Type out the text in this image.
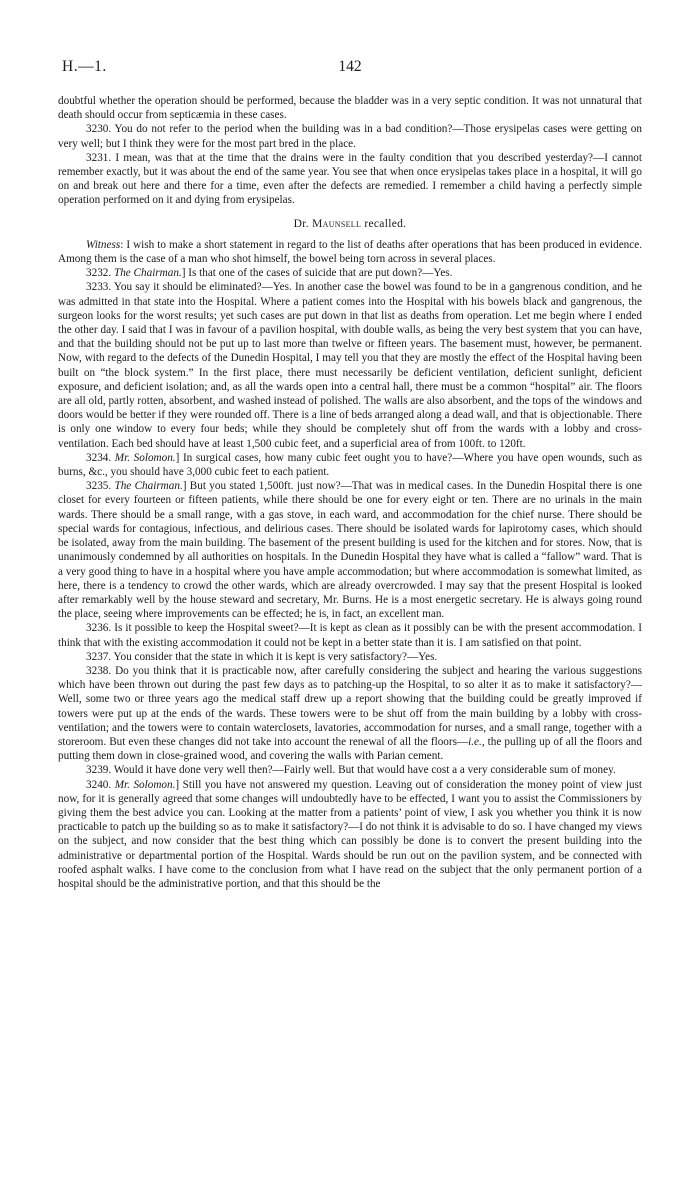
H.—1.	142

doubtful whether the operation should be performed, because the bladder was in a very septic condition. It was not unnatural that death should occur from septicæmia in these cases.

3230. You do not refer to the period when the building was in a bad condition?—Those erysipelas cases were getting on very well; but I think they were for the most part bred in the place.

3231. I mean, was that at the time that the drains were in the faulty condition that you described yesterday?—I cannot remember exactly, but it was about the end of the same year. You see that when once erysipelas takes place in a hospital, it will go on and break out here and there for a time, even after the defects are remedied. I remember a child having a perfectly simple operation performed on it and dying from erysipelas.

Dr. Maunsell recalled.

Witness: I wish to make a short statement in regard to the list of deaths after operations that has been produced in evidence. Among them is the case of a man who shot himself, the bowel being torn across in several places.

3232. The Chairman.] Is that one of the cases of suicide that are put down?—Yes.

3233. You say it should be eliminated?—Yes. In another case the bowel was found to be in a gangrenous condition, and he was admitted in that state into the Hospital. Where a patient comes into the Hospital with his bowels black and gangrenous, the surgeon looks for the worst results; yet such cases are put down in that list as deaths from operation. Let me begin where I ended the other day. I said that I was in favour of a pavilion hospital, with double walls, as being the very best system that you can have, and that the building should not be put up to last more than twelve or fifteen years. The basement must, however, be permanent. Now, with regard to the defects of the Dunedin Hospital, I may tell you that they are mostly the effect of the Hospital having been built on “the block system.” In the first place, there must necessarily be deficient ventilation, deficient sunlight, deficient exposure, and deficient isolation; and, as all the wards open into a central hall, there must be a common “hospital” air. The floors are all old, partly rotten, absorbent, and washed instead of polished. The walls are also absorbent, and the tops of the windows and doors would be better if they were rounded off. There is a line of beds arranged along a dead wall, and that is objectionable. There is only one window to every four beds; while they should be completely shut off from the wards with a lobby and cross-ventilation. Each bed should have at least 1,500 cubic feet, and a superficial area of from 100ft. to 120ft.

3234. Mr. Solomon.] In surgical cases, how many cubic feet ought you to have?—Where you have open wounds, such as burns, &c., you should have 3,000 cubic feet to each patient.

3235. The Chairman.] But you stated 1,500ft. just now?—That was in medical cases. In the Dunedin Hospital there is one closet for every fourteen or fifteen patients, while there should be one for every eight or ten. There are no urinals in the main wards. There should be a small range, with a gas stove, in each ward, and accommodation for the chief nurse. There should be special wards for contagious, infectious, and delirious cases. There should be isolated wards for lapirotomy cases, which should be isolated, away from the main building. The basement of the present building is used for the kitchen and for stores. Now, that is unanimously condemned by all authorities on hospitals. In the Dunedin Hospital they have what is called a “fallow” ward. That is a very good thing to have in a hospital where you have ample accommodation; but where accommodation is somewhat limited, as here, there is a tendency to crowd the other wards, which are already overcrowded. I may say that the present Hospital is looked after remarkably well by the house steward and secretary, Mr. Burns. He is a most energetic secretary. He is always going round the place, seeing where improvements can be effected; he is, in fact, an excellent man.

3236. Is it possible to keep the Hospital sweet?—It is kept as clean as it possibly can be with the present accommodation. I think that with the existing accommodation it could not be kept in a better state than it is. I am satisfied on that point.

3237. You consider that the state in which it is kept is very satisfactory?—Yes.

3238. Do you think that it is practicable now, after carefully considering the subject and hearing the various suggestions which have been thrown out during the past few days as to patching-up the Hospital, to so alter it as to make it satisfactory?—Well, some two or three years ago the medical staff drew up a report showing that the building could be greatly improved if towers were put up at the ends of the wards. These towers were to be shut off from the main building by a lobby with cross-ventilation; and the towers were to contain waterclosets, lavatories, accommodation for nurses, and a small range, together with a storeroom. But even these changes did not take into account the renewal of all the floors—i.e., the pulling up of all the floors and putting them down in close-grained wood, and covering the walls with Parian cement.

3239. Would it have done very well then?—Fairly well. But that would have cost a a very considerable sum of money.

3240. Mr. Solomon.] Still you have not answered my question. Leaving out of consideration the money point of view just now, for it is generally agreed that some changes will undoubtedly have to be effected, I want you to assist the Commissioners by giving them the best advice you can. Looking at the matter from a patients’ point of view, I ask you whether you think it is now practicable to patch up the building so as to make it satisfactory?—I do not think it is advisable to do so. I have changed my views on the subject, and now consider that the best thing which can possibly be done is to convert the present building into the administrative or departmental portion of the Hospital. Wards should be run out on the pavilion system, and be connected with roofed asphalt walks. I have come to the conclusion from what I have read on the subject that the only permanent portion of a hospital should be the administrative portion, and that this should be the
